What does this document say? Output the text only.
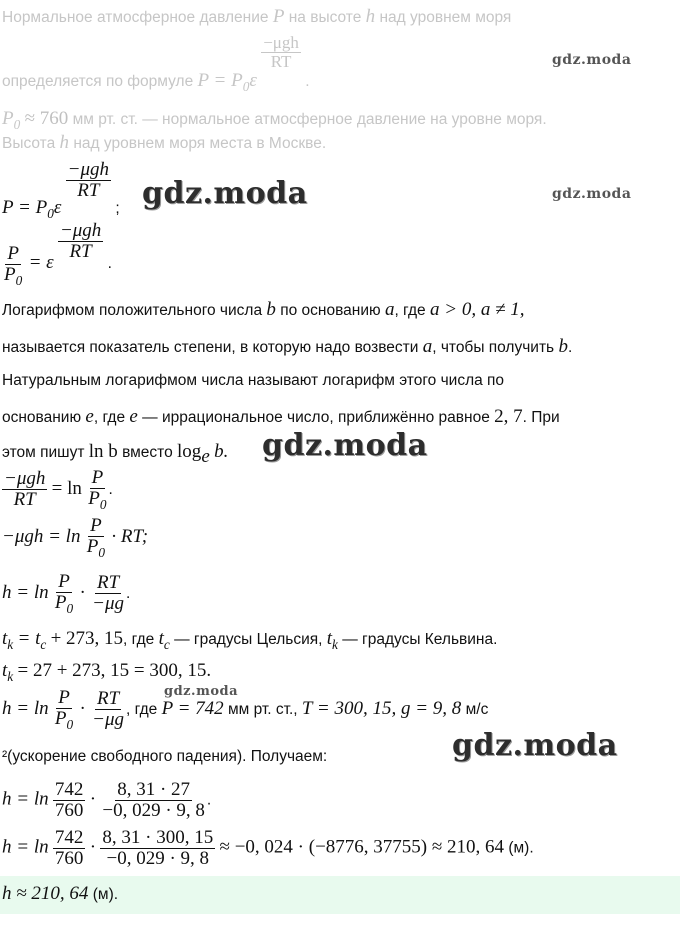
Нормальное атмосферное давление P на высоте h над уровнем моря
определяется по формуле $P = P_0\varepsilon$
$\frac{\text{−μgh}}{RT}$
.
$P_0 \approx 760$ мм рт. ст. — нормальное атмосферное давление на уровне моря.
Высота h над уровнем моря места в Москве.
$P = P_0\varepsilon$
$\frac{\text{−μgh}}{RT}$
;
$\frac{P}{P_0} = \varepsilon$
$\frac{\text{−μgh}}{RT}$
.
Логарифмом положительного числа b по основанию a, где a > 0, a ≠ 1,
называется показатель степени, в которую надо возвести a, чтобы получить b.
Натуральным логарифмом числа называют логарифм этого числа по
основанию e, где e — иррациональное число, приближённо равное 2, 7. При
этом пишут ln b вместо $\log_e b$.
$\frac{\text{−μgh}}{RT} = \ln \frac{P}{P_0}$ .
$-\mu gh = \ln \frac{P}{P_0}$ · RT;
$h = \ln \frac{P}{P_0} \cdot \frac{RT}{-\mu g}$ .
$t_k = t_c + 273$, 15, где $t_c$ — градусы Цельсия, $t_k$ — градусы Кельвина.
$t_k = 27 + 273$, 15 = 300, 15.
$h = \ln \frac{P}{P_0} \cdot \frac{RT}{-\mu g}$ , где P = 742 мм рт. ст., T = 300, 15, g = 9, 8 м/с
²(ускорение свободного падения). Получаем:
$h = \ln \frac{742}{760} \cdot \frac{8, 31 \cdot 27}{-0, 029 \cdot 9, 8}$ .
$h = \ln \frac{742}{760} \cdot \frac{8, 31 \cdot 300, 15}{-0, 029 \cdot 9, 8} \approx -0$, 024 · (−8776, 37755) ≈ 210, 64 (м).
h ≈ 210, 64 (м).
gdz.moda
gdz.moda
gdz.moda
gdz.moda
gdz.moda
gdz.moda
